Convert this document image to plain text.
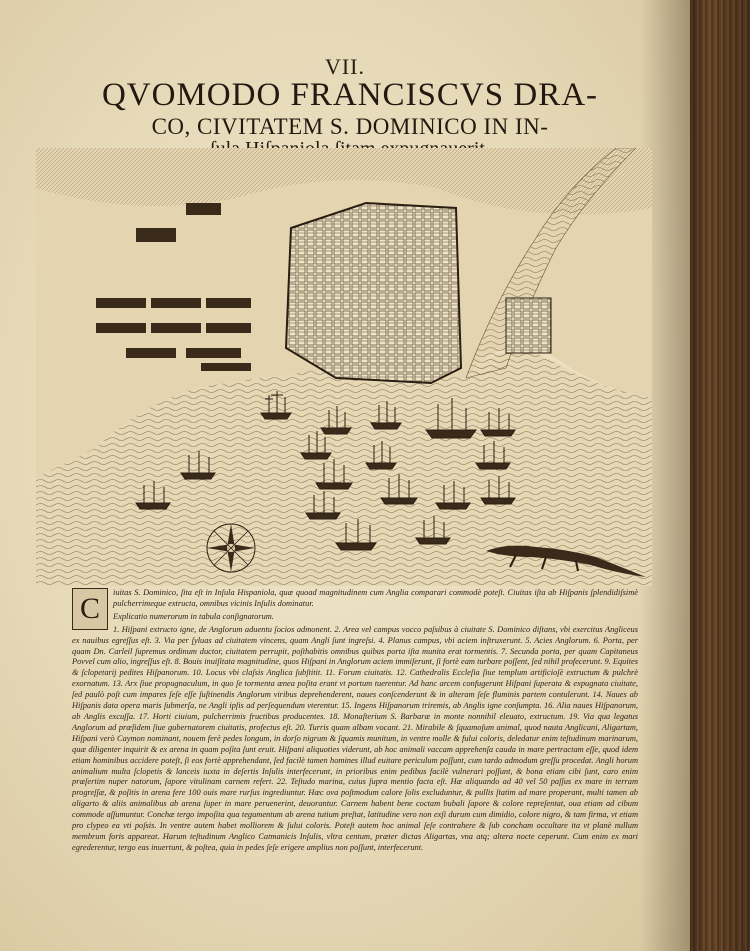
VII.
QVOMODO FRANCISCVS DRA-
CO, CIVITATEM S. DOMINICO IN IN-
C	iuitas S. Dominico, ſita eſt in Inſula Hispaniola, quæ quoad magnitudinem cum Anglia comparari commodè poteſt. Ciuitas iſta ab Hiſpanis ſplendidiſsimè pulcherrimeque extructa, omnibus vicinis Inſulis dominatur.

Explicatio numerorum in tabula conſignatorum.

1. Hiſpani extructo igne, de Anglorum aduentu ſocios admonent. 2. Area vel campus vocco paſsibus à ciuitate S. Dominico diſtans, vbi exercitus Angliceus ex nauibus egreſſus eſt. 3. Via per ſyluas ad ciuitatem vincens, quam Angli ſunt ingreſsi. 4. Planus campus, vbi aciem inſtruxerunt. 5. Acies Anglorum. 6. Porta, per quam Dn. Carleil ſupremus ordinum ductor, ciuitatem perrupit, poſthabitis omnibus quibus porta iſta munita erat tormentis. 7. Secunda porta, per quam Capitaneus Povvel cum alio, ingreſſus eſt. 8. Bouis inuiſitata magnitudine, quos Hiſpani in Anglorum aciem immiſerunt, ſi fortè eam turbare poſſent, ſed nihil profecerunt. 9. Equites & ſclopetarij pedites Hiſpanorum. 10. Locus vbi claſsis Anglica ſubſtitit. 11. Forum ciuitatis. 12. Cathedralis Eccleſia ſiue templum artificioſè extructum & pulchrè exornatum. 13. Arx ſiue propugnaculum, in quo ſe tormenta ænea poſita erant vt portum tuerentur. Ad hanc arcem confugerunt Hiſpani ſuperata & expugnata ciuitate, ſed paulò poſt cum impares ſeſe eſſe ſuſtinendis Anglorum viribus deprehenderent, naues conſcenderunt & in alteram ſeſe fluminis partem contulerunt. 14. Naues ab Hiſpanis data opera maris ſubmerſa, ne Angli ipſis ad perſequendum vterentur. 15. Ingens Hiſpanorum triremis, ab Anglis igne conſumpta. 16. Alia naues Hiſpanorum, ab Anglis excuſſa. 17. Horti ciuium, pulcherrimis fructibus producentes. 18. Monaſterium S. Barbaræ in monte nonnihil eleuato, extructum. 19. Via qua legatus Anglorum ad præſidem ſiue gubernatorem ciuitatis, profectus eſt. 20. Turris quam albam vocant. 21. Mirabile & ſquamoſum animal, quod nauta Anglicani, Aligartam, Hiſpani verò Caymon nominant, nouem ferè pedes longum, in dorſo nigrum & ſquamis munitum, in ventre molle & fului coloris, deledatur enim teſtudinum marinarum, quæ diligenter inquirit & ex arena in quam poſita ſunt eruit. Hiſpani aliquoties viderunt, ab hoc animali vaccam apprehenſa cauda in mare pertractam eſſe, quod idem etiam hominibus accidere poteſt, ſi eos fortè apprehendant, ſed facilè tamen homines illud euitare periculum poſſunt, cum tardo admodum greſſu procedat. Angli horum animalium multa ſclopetis & lanceis iuxta in deſertis Inſulis interfecerunt, in prioribus enim pedibus facilè vulnerari poſſunt, & bona etiam cibi ſunt, caro enim præſertim nuper natorum, ſapore vitulinam carnem refert. 22. Teſtudo marina, cuius ſupra mentio facta eſt. Hæ aliquando ad 40 vel 50 paſſus ex mare in terram progreſſæ, & poſitis in arena fere 100 ouis mare rurſus ingrediuntur. Hæc ova poſtmodum calore ſolis excluduntur, & pullis ſtatim ad mare properant, multi tamen ab aligarto & aliis animalibus ab arena ſuper in mare peruenerint, deuorantur. Carnem habent bene coctam bubali ſapore & colore repreſentat, oua etiam ad cibum commode aſſumuntur. Conchæ tergo impoſita qua tegumentum ab arena tutium preſtat, latitudine vero non exſi durum cum dimidio, colore nigro, & tam firma, vt etiam pro clypeo ea vti poſsis. In ventre autem habet molliorem & ſului coloris. Poteſt autem hoc animal ſeſe contrahere & ſub concham occultare ita vt planè nullum membrum foris appareat. Harum teſtudinum Anglico Catmanicis Inſulis, vltra centum, præter dictas Aligartas, vna atq; altera nocte ceperunt. Cum enim ex mari egrederentur, tergo eas inuertunt, & poſtea, quia in pedes ſeſe erigere amplius non poſſunt, interfecerunt.
